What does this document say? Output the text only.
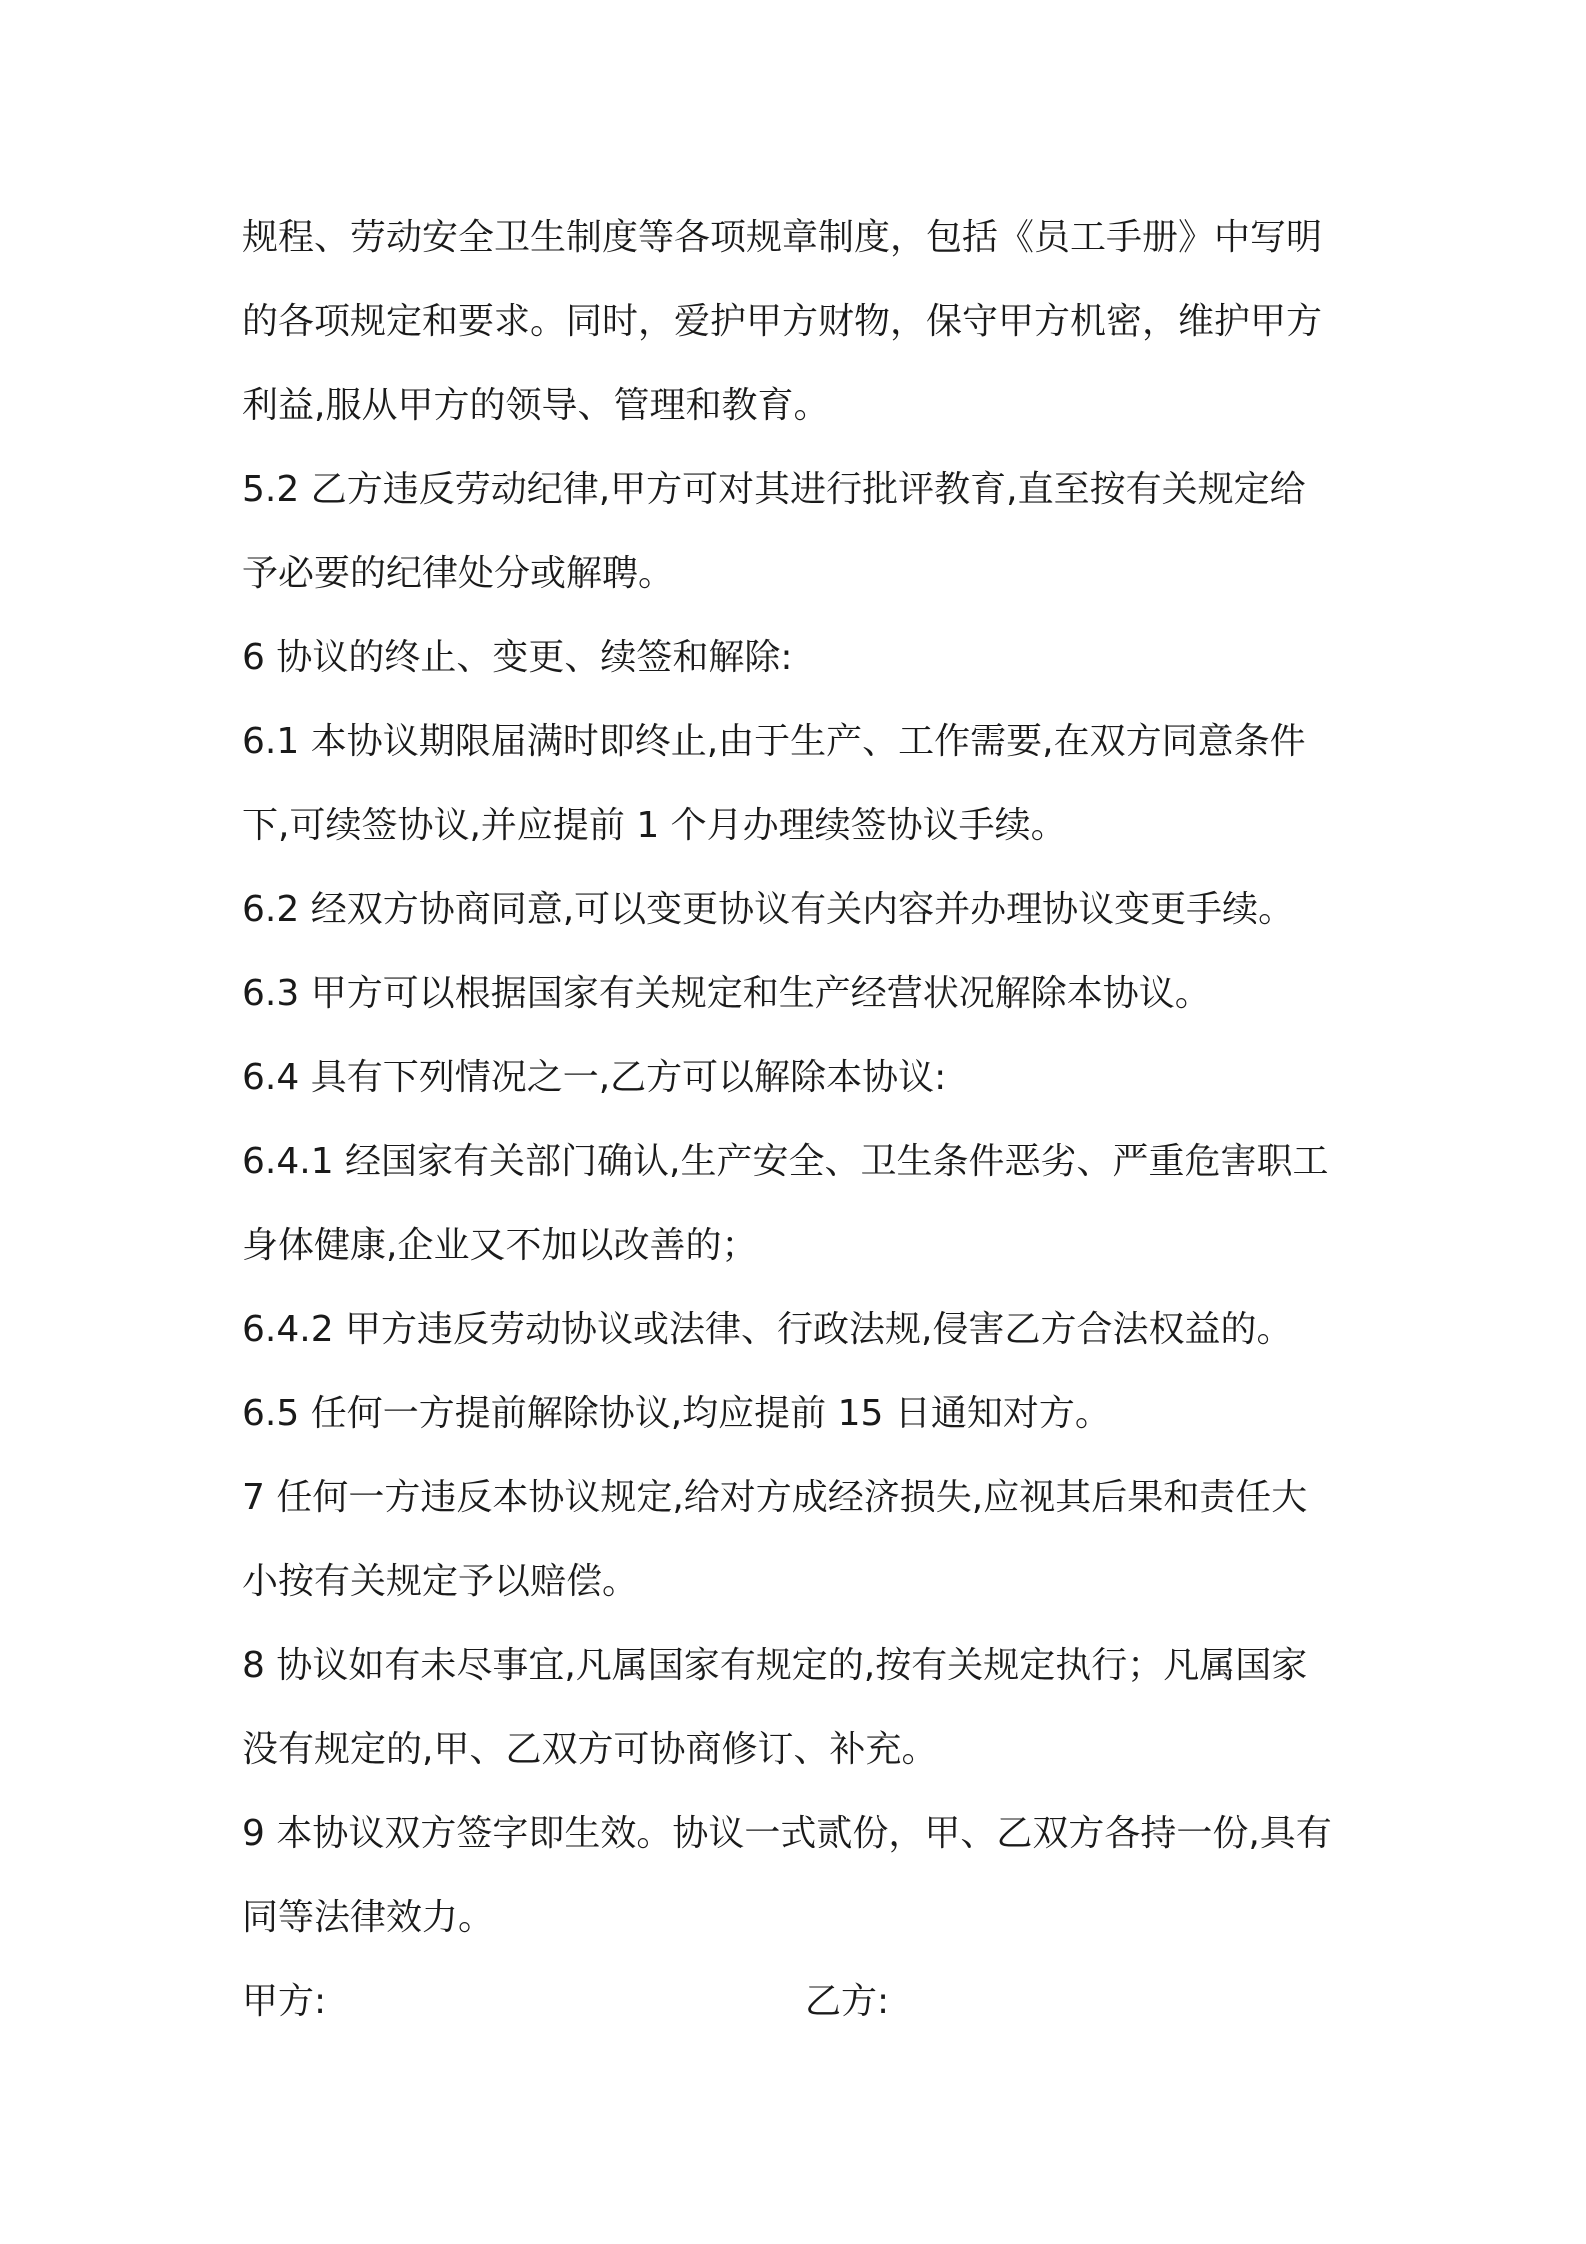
规程、劳动安全卫生制度等各项规章制度，包括《员工手册》中写明
的各项规定和要求。同时，爱护甲方财物，保守甲方机密，维护甲方
利益,服从甲方的领导、管理和教育。
5.2 乙方违反劳动纪律,甲方可对其进行批评教育,直至按有关规定给
予必要的纪律处分或解聘。
6 协议的终止、变更、续签和解除:
6.1 本协议期限届满时即终止,由于生产、工作需要,在双方同意条件
下,可续签协议,并应提前 1 个月办理续签协议手续。
6.2 经双方协商同意,可以变更协议有关内容并办理协议变更手续。
6.3 甲方可以根据国家有关规定和生产经营状况解除本协议。
6.4 具有下列情况之一,乙方可以解除本协议:
6.4.1 经国家有关部门确认,生产安全、卫生条件恶劣、严重危害职工
身体健康,企业又不加以改善的；
6.4.2 甲方违反劳动协议或法律、行政法规,侵害乙方合法权益的。
6.5 任何一方提前解除协议,均应提前 15 日通知对方。
7 任何一方违反本协议规定,给对方成经济损失,应视其后果和责任大
小按有关规定予以赔偿。
8 协议如有未尽事宜,凡属国家有规定的,按有关规定执行；凡属国家
没有规定的,甲、乙双方可协商修订、补充。
9 本协议双方签字即生效。协议一式贰份，甲、乙双方各持一份,具有
同等法律效力。
甲方:	乙方:
